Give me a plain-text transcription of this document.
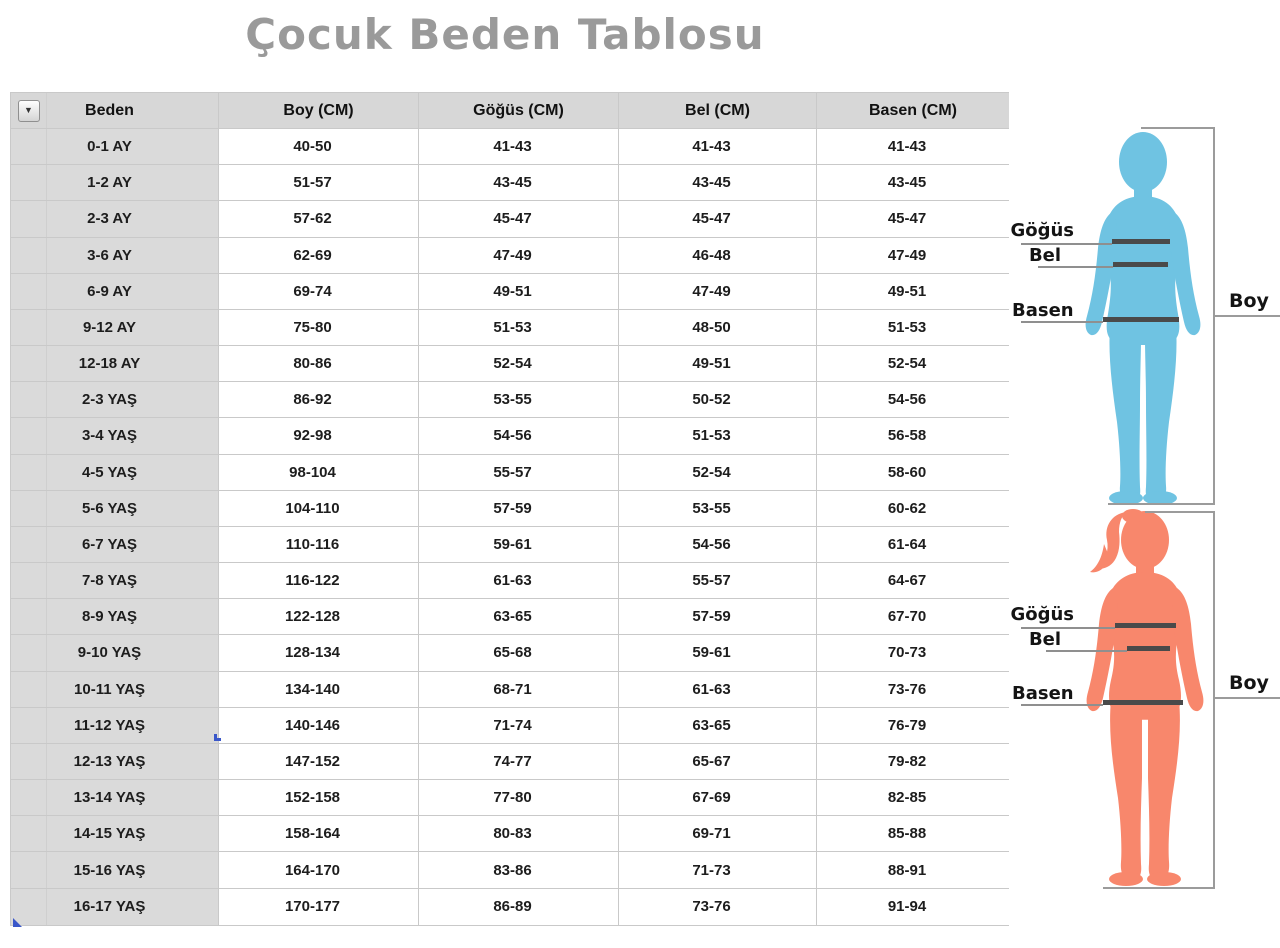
Çocuk Beden Tablosu
▼	Beden	Boy (CM)	Göğüs (CM)	Bel (CM)	Basen (CM)
0-1 AY	40-50	41-43	41-43	41-43
1-2 AY	51-57	43-45	43-45	43-45
2-3 AY	57-62	45-47	45-47	45-47
3-6 AY	62-69	47-49	46-48	47-49
6-9 AY	69-74	49-51	47-49	49-51
9-12 AY	75-80	51-53	48-50	51-53
12-18 AY	80-86	52-54	49-51	52-54
2-3 YAŞ	86-92	53-55	50-52	54-56
3-4 YAŞ	92-98	54-56	51-53	56-58
4-5 YAŞ	98-104	55-57	52-54	58-60
5-6 YAŞ	104-110	57-59	53-55	60-62
6-7 YAŞ	110-116	59-61	54-56	61-64
7-8 YAŞ	116-122	61-63	55-57	64-67
8-9 YAŞ	122-128	63-65	57-59	67-70
9-10 YAŞ	128-134	65-68	59-61	70-73
10-11 YAŞ	134-140	68-71	61-63	73-76
11-12 YAŞ	140-146	71-74	63-65	76-79
12-13 YAŞ	147-152	74-77	65-67	79-82
13-14 YAŞ	152-158	77-80	67-69	82-85
14-15 YAŞ	158-164	80-83	69-71	85-88
15-16 YAŞ	164-170	83-86	71-73	88-91
16-17 YAŞ	170-177	86-89	73-76	91-94
Göğüs
Bel
Basen	Boy
Göğüs
Bel
Basen	Boy
